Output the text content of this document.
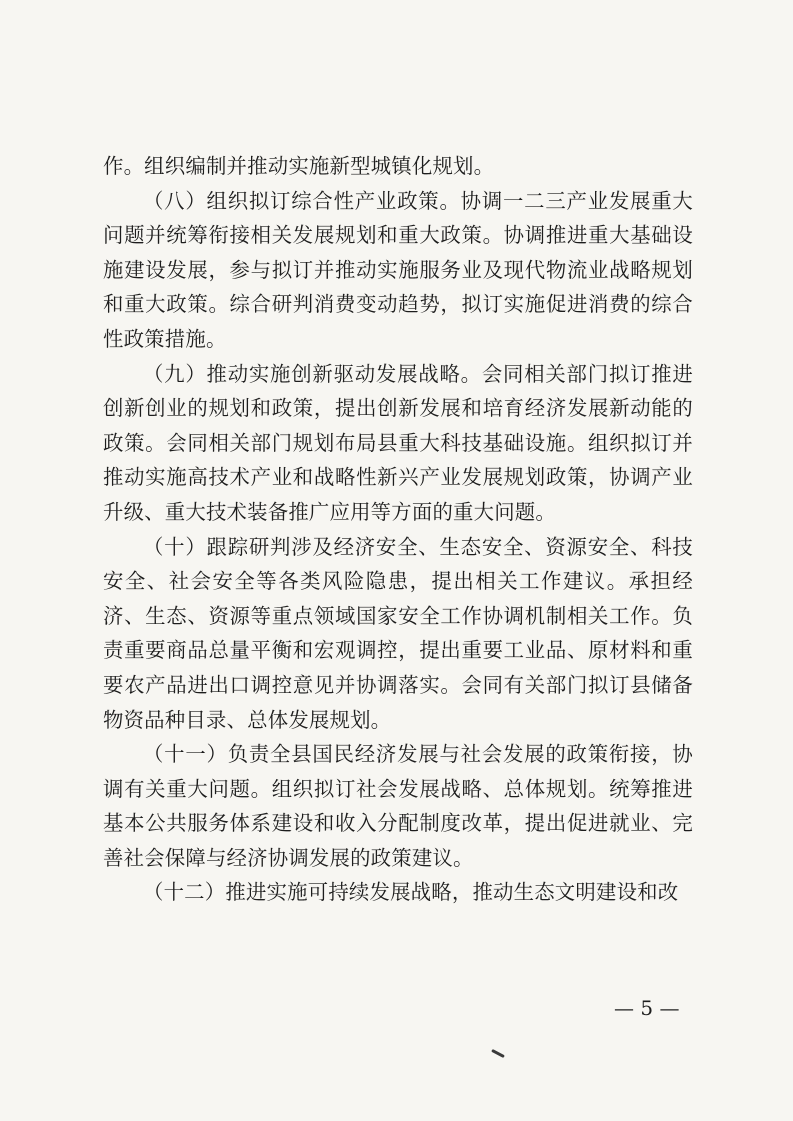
作。组织编制并推动实施新型城镇化规划。

（八）组织拟订综合性产业政策。协调一二三产业发展重大问题并统筹衔接相关发展规划和重大政策。协调推进重大基础设施建设发展，参与拟订并推动实施服务业及现代物流业战略规划和重大政策。综合研判消费变动趋势，拟订实施促进消费的综合性政策措施。

（九）推动实施创新驱动发展战略。会同相关部门拟订推进创新创业的规划和政策，提出创新发展和培育经济发展新动能的政策。会同相关部门规划布局县重大科技基础设施。组织拟订并推动实施高技术产业和战略性新兴产业发展规划政策，协调产业升级、重大技术装备推广应用等方面的重大问题。

（十）跟踪研判涉及经济安全、生态安全、资源安全、科技安全、社会安全等各类风险隐患，提出相关工作建议。承担经济、生态、资源等重点领域国家安全工作协调机制相关工作。负责重要商品总量平衡和宏观调控，提出重要工业品、原材料和重要农产品进出口调控意见并协调落实。会同有关部门拟订县储备物资品种目录、总体发展规划。

（十一）负责全县国民经济发展与社会发展的政策衔接，协调有关重大问题。组织拟订社会发展战略、总体规划。统筹推进基本公共服务体系建设和收入分配制度改革，提出促进就业、完善社会保障与经济协调发展的政策建议。

（十二）推进实施可持续发展战略，推动生态文明建设和改

— 5 —
